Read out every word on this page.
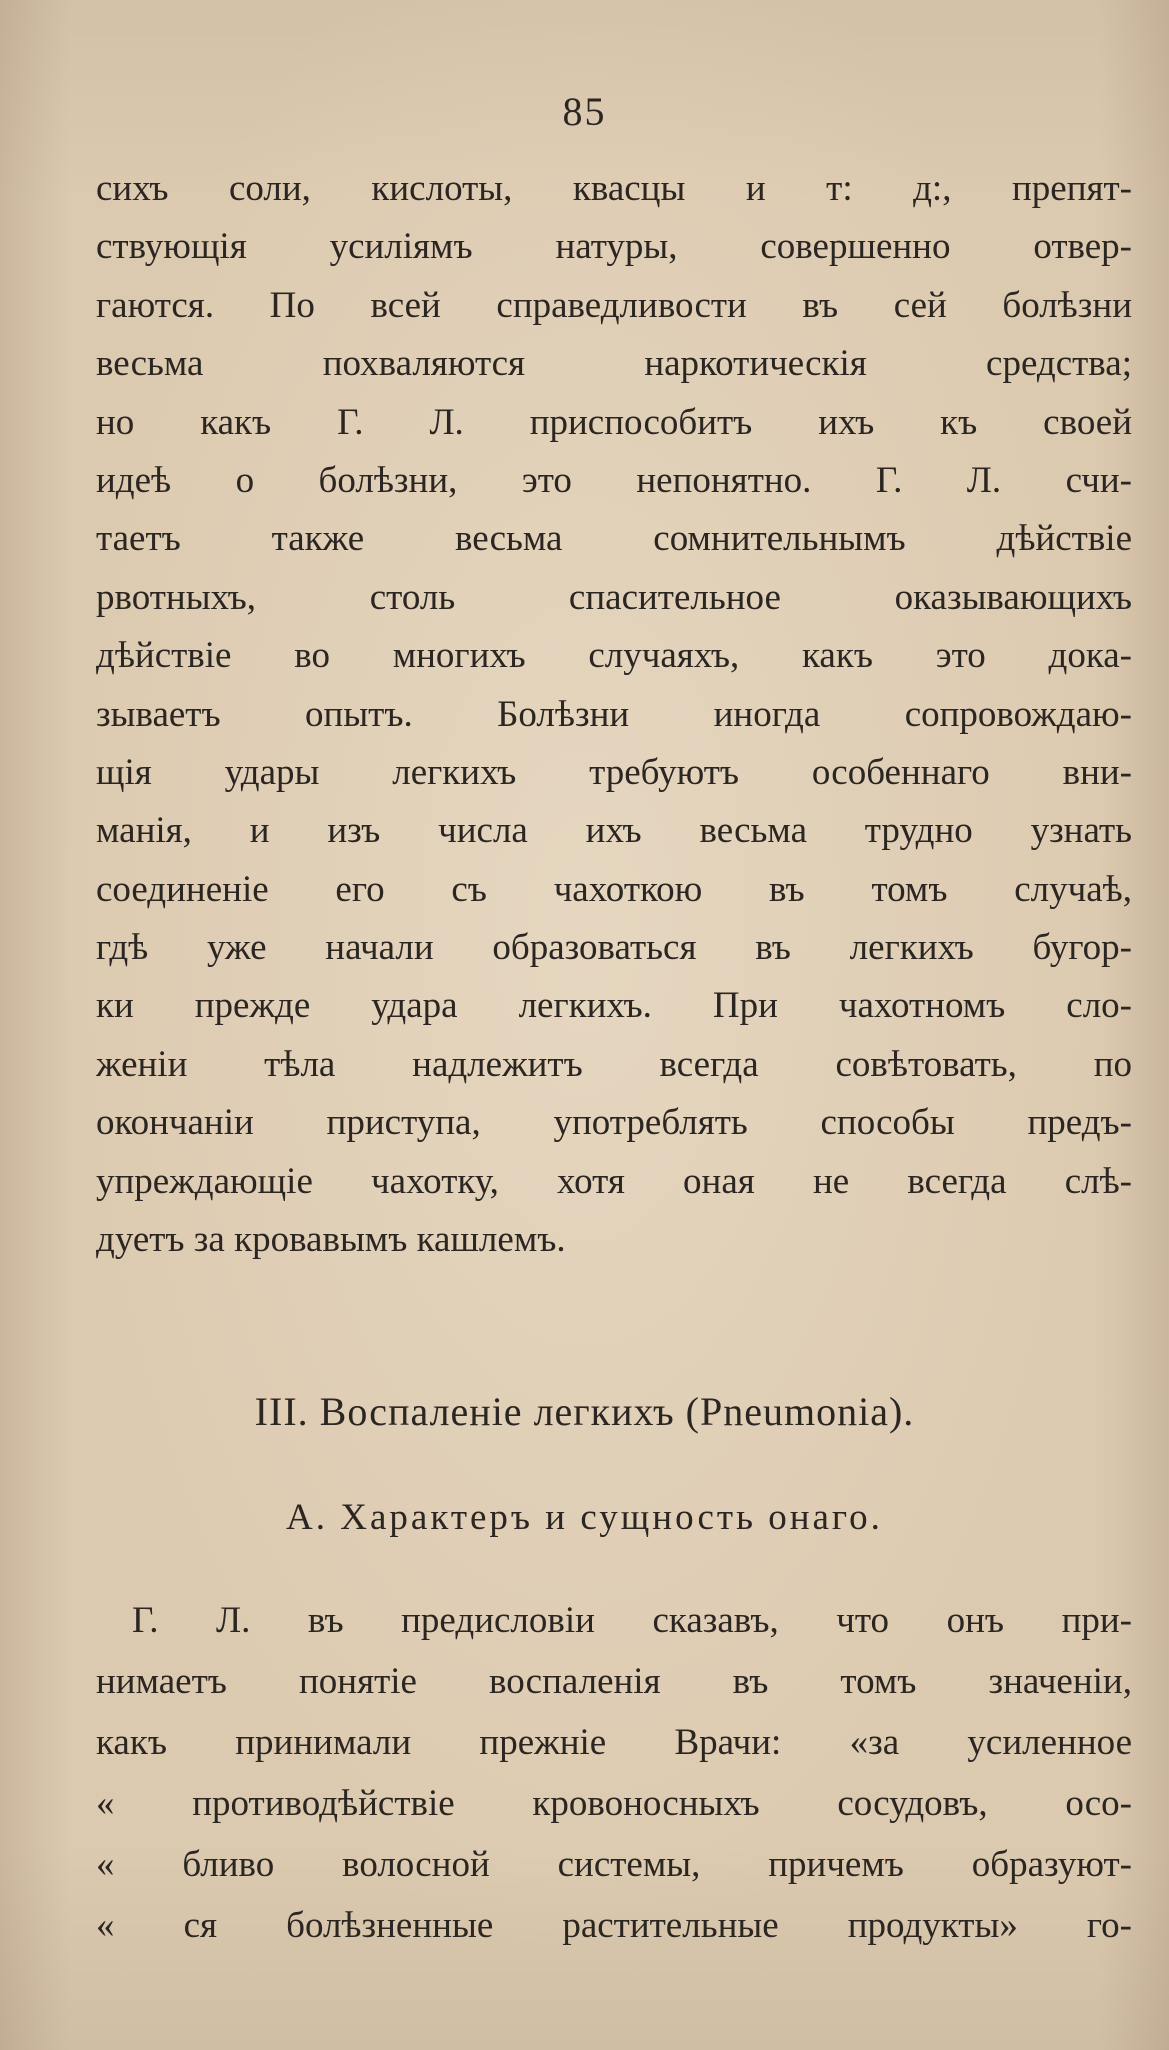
85
сихъ соли, кислоты, квасцы и т: д:, препят-
ствующія усиліямъ натуры, совершенно отвер-
гаются. По всей справедливости въ сей болѣзни
весьма похваляются наркотическія средства;
но какъ Г. Л. приспособитъ ихъ къ своей
идеѣ о болѣзни, это непонятно. Г. Л. счи-
таетъ также весьма сомнительнымъ дѣйствіе
рвотныхъ, столь спасительное оказывающихъ
дѣйствіе во многихъ случаяхъ, какъ это дока-
зываетъ опытъ. Болѣзни иногда сопровождаю-
щія удары легкихъ требуютъ особеннаго вни-
манія, и изъ числа ихъ весьма трудно узнать
соединеніе его съ чахоткою въ томъ случаѣ,
гдѣ уже начали образоваться въ легкихъ бугор-
ки прежде удара легкихъ. При чахотномъ сло-
женіи тѣла надлежитъ всегда совѣтовать, по
окончаніи приступа, употреблять способы предъ-
упреждающіе чахотку, хотя оная не всегда слѣ-
дуетъ за кровавымъ кашлемъ.
III. Воспаленіе легкихъ (Pneumonia).
А. Характеръ и сущность онаго.
Г. Л. въ предисловіи сказавъ, что онъ при-
нимаетъ понятіе воспаленія въ томъ значеніи,
какъ принимали прежніе Врачи: «за усиленное
« противодѣйствіе кровоносныхъ сосудовъ, осо-
« бливо волосной системы, причемъ образуют-
« ся болѣзненные растительные продукты» го-
